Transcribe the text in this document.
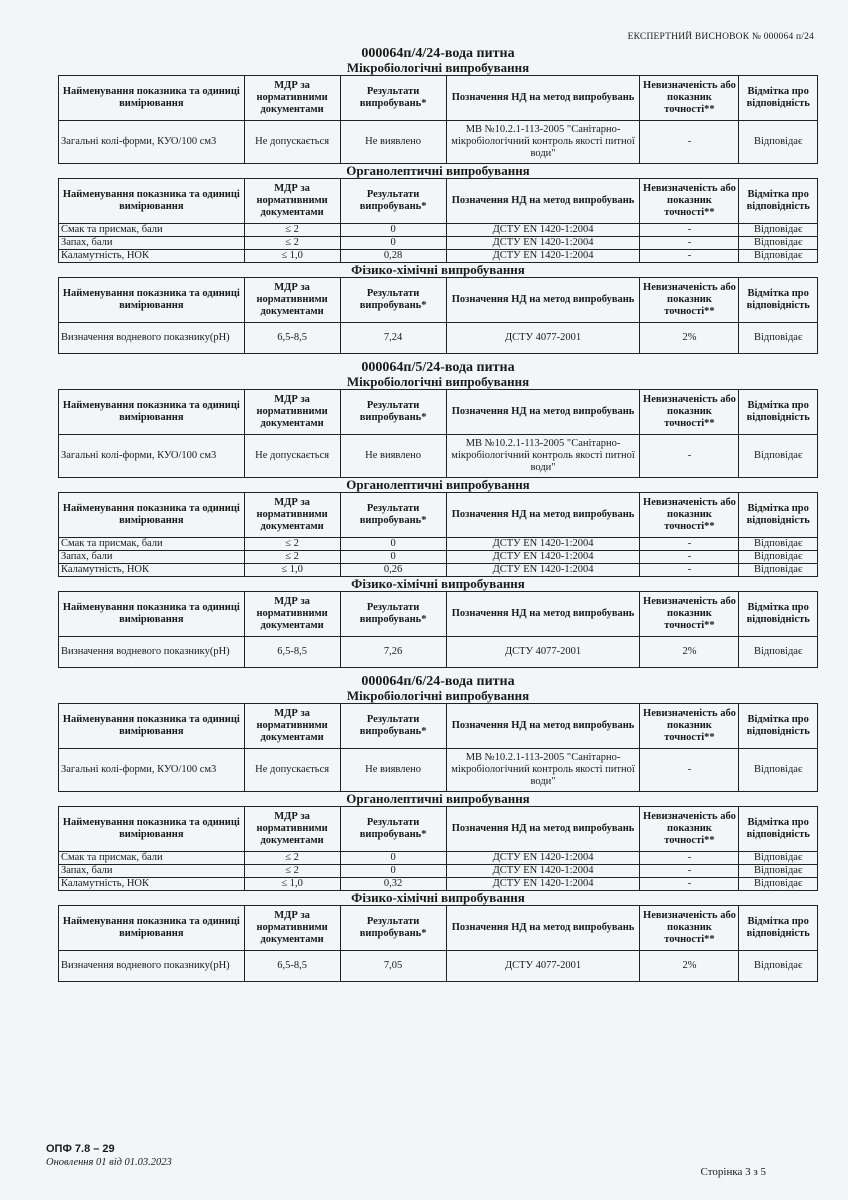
ЕКСПЕРТНИЙ ВИСНОВОК № 000064 п/24
000064п/4/24-вода питна
Мікробіологічні випробування
Найменування показника та одиниці вимірювання	МДР за нормативними документами	Результати випробувань*	Позначення НД на метод випробувань	Невизначеність або показник точності**	Відмітка про відповідність
Загальні колі-форми, КУО/100 см3	Не допускається	Не виявлено	МВ №10.2.1-113-2005 "Санітарно-мікробіологічний контроль якості питної води"	-	Відповідає
Органолептичні випробування
Найменування показника та одиниці вимірювання	МДР за нормативними документами	Результати випробувань*	Позначення НД на метод випробувань	Невизначеність або показник точності**	Відмітка про відповідність
Смак та присмак, бали	≤ 2	0	ДСТУ EN 1420-1:2004	-	Відповідає
Запах, бали	≤ 2	0	ДСТУ EN 1420-1:2004	-	Відповідає
Каламутність, НОК	≤ 1,0	0,28	ДСТУ EN 1420-1:2004	-	Відповідає
Фізико-хімічні випробування
Найменування показника та одиниці вимірювання	МДР за нормативними документами	Результати випробувань*	Позначення НД на метод випробувань	Невизначеність або показник точності**	Відмітка про відповідність
Визначення водневого показнику(pH)	6,5-8,5	7,24	ДСТУ 4077-2001	2%	Відповідає
000064п/5/24-вода питна
Мікробіологічні випробування
Найменування показника та одиниці вимірювання	МДР за нормативними документами	Результати випробувань*	Позначення НД на метод випробувань	Невизначеність або показник точності**	Відмітка про відповідність
Загальні колі-форми, КУО/100 см3	Не допускається	Не виявлено	МВ №10.2.1-113-2005 "Санітарно-мікробіологічний контроль якості питної води"	-	Відповідає
Органолептичні випробування
Найменування показника та одиниці вимірювання	МДР за нормативними документами	Результати випробувань*	Позначення НД на метод випробувань	Невизначеність або показник точності**	Відмітка про відповідність
Смак та присмак, бали	≤ 2	0	ДСТУ EN 1420-1:2004	-	Відповідає
Запах, бали	≤ 2	0	ДСТУ EN 1420-1:2004	-	Відповідає
Каламутність, НОК	≤ 1,0	0,26	ДСТУ EN 1420-1:2004	-	Відповідає
Фізико-хімічні випробування
Найменування показника та одиниці вимірювання	МДР за нормативними документами	Результати випробувань*	Позначення НД на метод випробувань	Невизначеність або показник точності**	Відмітка про відповідність
Визначення водневого показнику(pH)	6,5-8,5	7,26	ДСТУ 4077-2001	2%	Відповідає
000064п/6/24-вода питна
Мікробіологічні випробування
Найменування показника та одиниці вимірювання	МДР за нормативними документами	Результати випробувань*	Позначення НД на метод випробувань	Невизначеність або показник точності**	Відмітка про відповідність
Загальні колі-форми, КУО/100 см3	Не допускається	Не виявлено	МВ №10.2.1-113-2005 "Санітарно-мікробіологічний контроль якості питної води"	-	Відповідає
Органолептичні випробування
Найменування показника та одиниці вимірювання	МДР за нормативними документами	Результати випробувань*	Позначення НД на метод випробувань	Невизначеність або показник точності**	Відмітка про відповідність
Смак та присмак, бали	≤ 2	0	ДСТУ EN 1420-1:2004	-	Відповідає
Запах, бали	≤ 2	0	ДСТУ EN 1420-1:2004	-	Відповідає
Каламутність, НОК	≤ 1,0	0,32	ДСТУ EN 1420-1:2004	-	Відповідає
Фізико-хімічні випробування
Найменування показника та одиниці вимірювання	МДР за нормативними документами	Результати випробувань*	Позначення НД на метод випробувань	Невизначеність або показник точності**	Відмітка про відповідність
Визначення водневого показнику(pH)	6,5-8,5	7,05	ДСТУ 4077-2001	2%	Відповідає
ОПФ 7.8 – 29
Оновлення 01 від 01.03.2023
Сторінка 3 з 5
